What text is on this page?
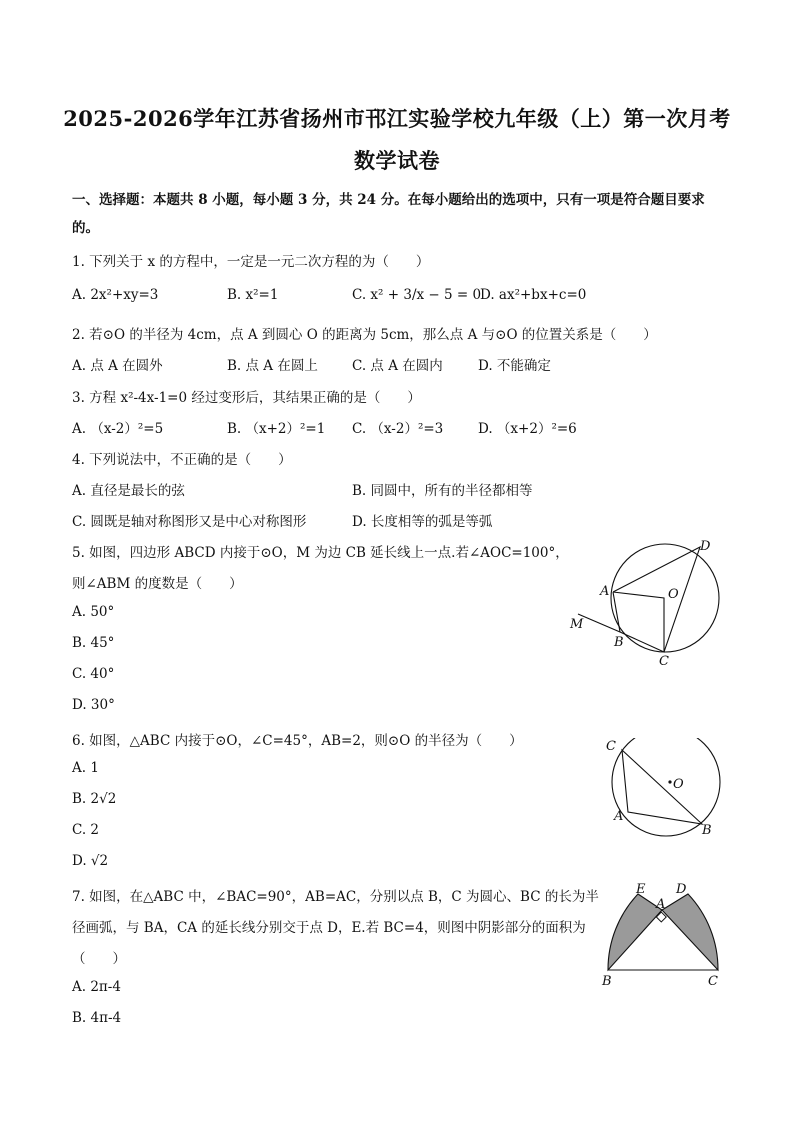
2025-2026学年江苏省扬州市邗江实验学校九年级（上）第一次月考
数学试卷
一、选择题：本题共 8 小题，每小题 3 分，共 24 分。在每小题给出的选项中，只有一项是符合题目要求
的。
1. 下列关于 x 的方程中，一定是一元二次方程的为（　　）
A. 2x²+xy=3	B. x²=1	C. x² + 3/x − 5 = 0
D. ax²+bx+c=0
2. 若⊙O 的半径为 4cm，点 A 到圆心 O 的距离为 5cm，那么点 A 与⊙O 的位置关系是（　　）
A. 点 A 在圆外	B. 点 A 在圆上	C. 点 A 在圆内	D. 不能确定
3. 方程 x²-4x-1=0 经过变形后，其结果正确的是（　　）
A. （x-2）²=5	B. （x+2）²=1 C. （x-2）²=3	D. （x+2）²=6
4. 下列说法中，不正确的是（　　）
A. 直径是最长的弦	B. 同圆中，所有的半径都相等
C. 圆既是轴对称图形又是中心对称图形	D. 长度相等的弧是等弧
5. 如图，四边形 ABCD 内接于⊙O，M 为边 CB 延长线上一点.若∠AOC=100°，
则∠ABM 的度数是（　　）
A. 50°
B. 45°
C. 40°
D. 30°
D
A	O
M
B
C
6. 如图，△ABC 内接于⊙O，∠C=45°，AB=2，则⊙O 的半径为（　　）
A. 1
B. 2√2
C. 2
D. √2
C
O
A
B
7. 如图，在△ABC 中，∠BAC=90°，AB=AC，分别以点 B，C 为圆心、BC 的长为半
径画弧，与 BA，CA 的延长线分别交于点 D，E.若 BC=4，则图中阴影部分的面积为
（　　）
A. 2π-4
B. 4π-4
E
A
D
B	C
